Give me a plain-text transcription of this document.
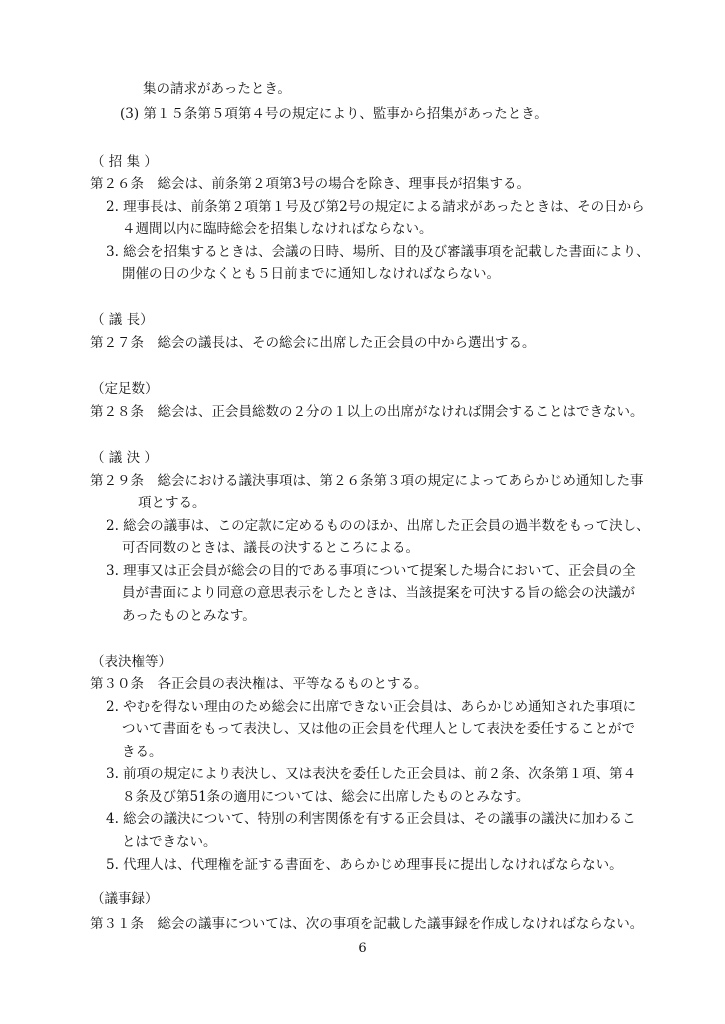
集の請求があったとき。
(3) 第１５条第５項第４号の規定により、監事から招集があったとき。
（ 招 集 ）
第２６条　総会は、前条第２項第3号の場合を除き、理事長が招集する。
2. 理事長は、前条第２項第１号及び第2号の規定による請求があったときは、その日から
４週間以内に臨時総会を招集しなければならない。
3. 総会を招集するときは、会議の日時、場所、目的及び審議事項を記載した書面により、
開催の日の少なくとも５日前までに通知しなければならない。
（ 議 長）
第２７条　総会の議長は、その総会に出席した正会員の中から選出する。
（定足数）
第２８条　総会は、正会員総数の２分の１以上の出席がなければ開会することはできない。
（ 議 決 ）
第２９条　総会における議決事項は、第２６条第３項の規定によってあらかじめ通知した事
項とする。
2. 総会の議事は、この定款に定めるもののほか、出席した正会員の過半数をもって決し、
可否同数のときは、議長の決するところによる。
3. 理事又は正会員が総会の目的である事項について提案した場合において、正会員の全
員が書面により同意の意思表示をしたときは、当該提案を可決する旨の総会の決議が
あったものとみなす。
（表決権等）
第３０条　各正会員の表決権は、平等なるものとする。
2. やむを得ない理由のため総会に出席できない正会員は、あらかじめ通知された事項に
ついて書面をもって表決し、又は他の正会員を代理人として表決を委任することがで
きる。
3. 前項の規定により表決し、又は表決を委任した正会員は、前２条、次条第１項、第４
８条及び第51条の適用については、総会に出席したものとみなす。
4. 総会の議決について、特別の利害関係を有する正会員は、その議事の議決に加わるこ
とはできない。
5. 代理人は、代理権を証する書面を、あらかじめ理事長に提出しなければならない。
（議事録）
第３１条　総会の議事については、次の事項を記載した議事録を作成しなければならない。
6
